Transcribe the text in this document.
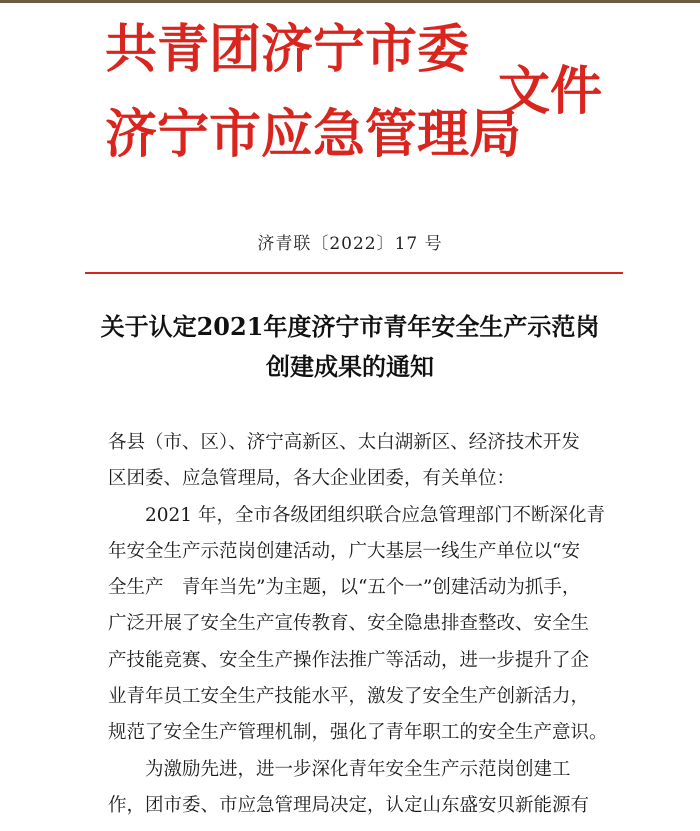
共青团济宁市委
济宁市应急管理局
文件
济青联〔2022〕17 号
关于认定2021年度济宁市青年安全生产示范岗
创建成果的通知
各县（市、区）、济宁高新区、太白湖新区、经济技术开发
区团委、应急管理局，各大企业团委，有关单位：
2021 年，全市各级团组织联合应急管理部门不断深化青
年安全生产示范岗创建活动，广大基层一线生产单位以“安
全生产　青年当先”为主题，以“五个一”创建活动为抓手，
广泛开展了安全生产宣传教育、安全隐患排查整改、安全生
产技能竞赛、安全生产操作法推广等活动，进一步提升了企
业青年员工安全生产技能水平，激发了安全生产创新活力，
规范了安全生产管理机制，强化了青年职工的安全生产意识。
为激励先进，进一步深化青年安全生产示范岗创建工
作，团市委、市应急管理局决定，认定山东盛安贝新能源有
